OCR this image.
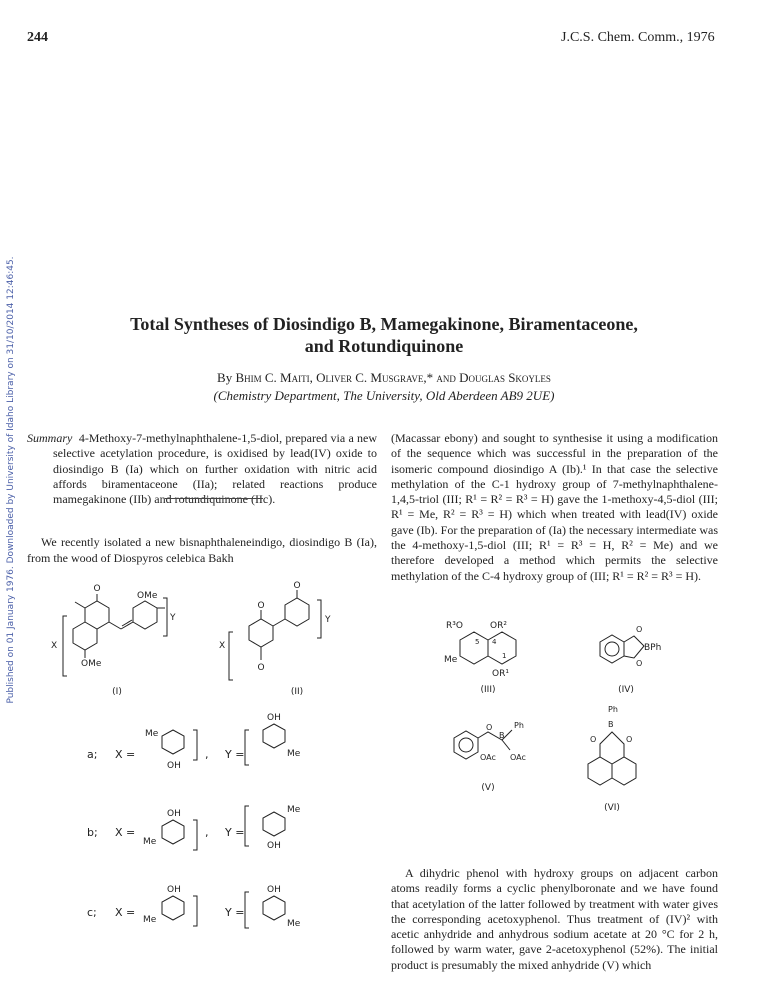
244	J.C.S. Chem. Comm., 1976
Published on 01 January 1976. Downloaded by University of Idaho Library on 31/10/2014 12:46:45.	Total Syntheses of Diosindigo B, Mamegakinone, Biramentaceone,
and Rotundiquinone
By Bhim C. Maiti, Oliver C. Musgrave,* and Douglas Skoyles
(Chemistry Department, The University, Old Aberdeen AB9 2UE)

Summary 4-Methoxy-7-methylnaphthalene-1,5-diol, prepared via a new selective acetylation procedure, is oxidised by lead(IV) oxide to diosindigo B (Ia) which on further oxidation with nitric acid affords biramentaceone (IIa); related reactions produce mamegakinone (IIb) and rotundiquinone (IIc).

We recently isolated a new bisnaphthaleneindigo, diosindigo B (Ia), from the wood of Diospyros celebica Bakh

(Macassar ebony) and sought to synthesise it using a modification of the sequence which was successful in the preparation of the isomeric compound diosindigo A (Ib).¹ In that case the selective methylation of the C-1 hydroxy group of 7-methylnaphthalene-1,4,5-triol (III; R¹ = R² = R³ = H) gave the 1-methoxy-4,5-diol (III; R¹ = Me, R² = R³ = H) which when treated with lead(IV) oxide gave (Ib). For the preparation of (Ia) the necessary intermediate was the 4-methoxy-1,5-diol (III; R¹ = R³ = H, R² = Me) and we therefore developed a method which permits the selective methylation of the C-4 hydroxy group of (III; R¹ = R² = R³ = H).

A dihydric phenol with hydroxy groups on adjacent carbon atoms readily forms a cyclic phenylboronate and we have found that acetylation of the latter followed by treatment with water gives the corresponding acetoxyphenol. Thus treatment of (IV)² with acetic anhydride and anhydrous sodium acetate at 20 °C for 2 h, followed by warm water, gave 2-acetoxyphenol (52%). The initial product is presumably the mixed anhydride (V) which

O
OMe
OMe
X
Y
(I)
O
O
O
X
Y
(II)
a; X =
Me
OH
, Y =
OH
Me
b; X =
OH
Me
, Y =
Me
OH
c; X =
OH
Me
Y =
OH
Me
R³O	OR²
OR¹
Me
5 4
1
(III)
O
O
BPh
(IV)
O
B
Ph
OAc OAc
(V)
Ph
B
O	O
(VI)
